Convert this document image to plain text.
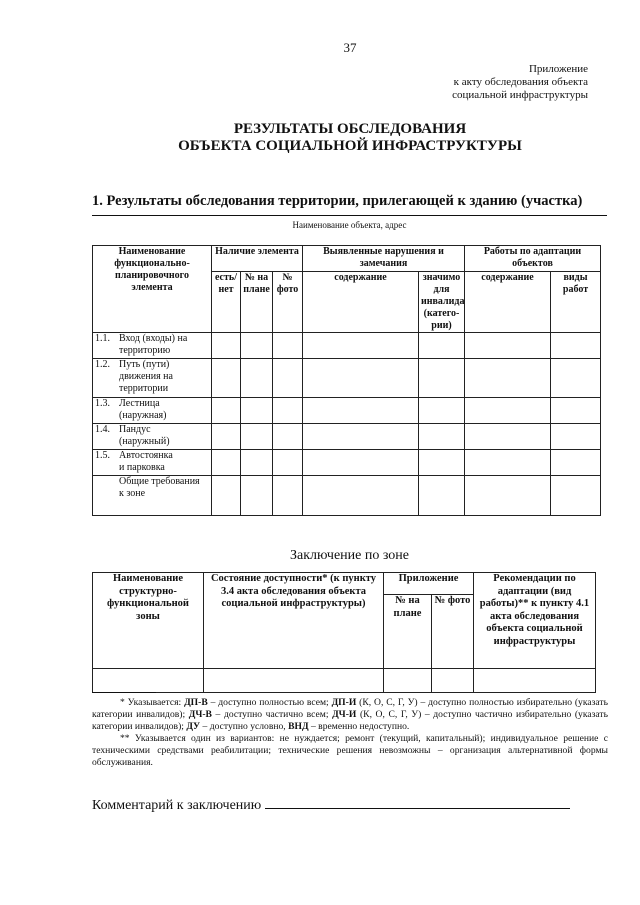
37
Приложение
к акту обследования объекта
социальной инфраструктуры
РЕЗУЛЬТАТЫ ОБСЛЕДОВАНИЯ
ОБЪЕКТА СОЦИАЛЬНОЙ ИНФРАСТРУКТУРЫ
1. Результаты обследования территории, прилегающей к зданию (участка)
Наименование объекта, адрес
Наименование функционально-планировочного элемента	Наличие элемента			Выявленные нарушения и замечания		Работы по адаптации объектов	
	есть/ нет	№ на плане	№ фото	содержание	значимо для инвалида (катего-рии)	содержание	виды работ

1.1. Вход (входы) на
территорию							

1.2. Путь (пути)
движения на
территории							

1.3. Лестница
(наружная)							

1.4. Пандус
(наружный)							

1.5. Автостоянка
и парковка							

Общие требования
к зоне							

Заключение по зоне
Наименование структурно-функциональной зоны	Состояние доступности* (к пункту 3.4 акта обследования объекта социальной инфраструктуры)	Приложение		Рекомендации по адаптации (вид работы)** к пункту 4.1 акта обследования объекта социальной инфраструктуры
		№ на плане	№ фото	

* Указывается: ДП-В – доступно полностью всем; ДП-И (К, О, С, Г, У) – доступно полностью избирательно (указать категории инвалидов); ДЧ-В – доступно частично всем; ДЧ-И (К, О, С, Г, У) – доступно частично избирательно (указать категории инвалидов); ДУ – доступно условно, ВНД – временно недоступно.

** Указывается один из вариантов: не нуждается; ремонт (текущий, капитальный); индивидуальное решение с техническими средствами реабилитации; технические решения невозможны – организация альтернативной формы обслуживания.

Комментарий к заключению
